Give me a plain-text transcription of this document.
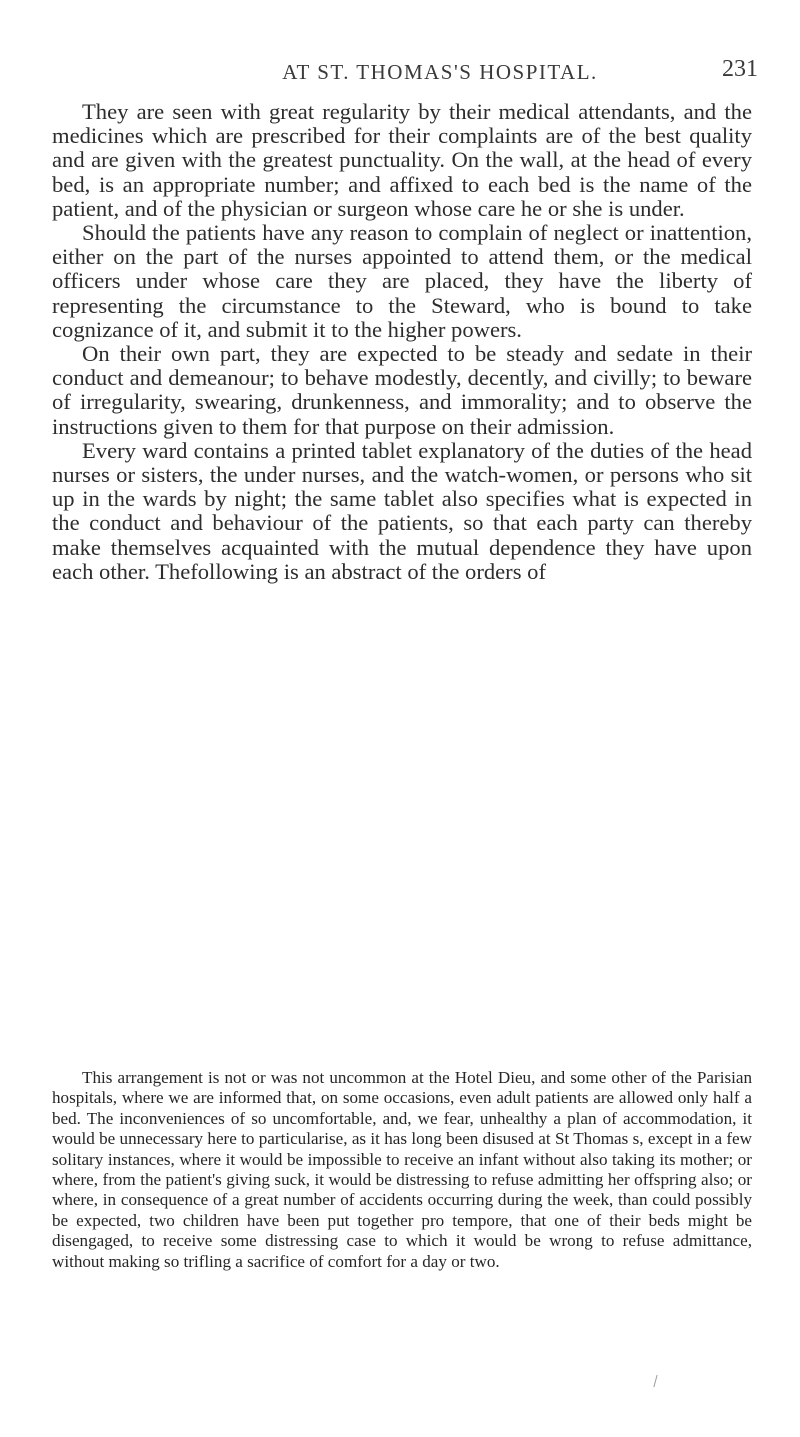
AT ST. THOMAS'S HOSPITAL.	231

They are seen with great regularity by their medical attendants, and the medicines which are prescribed for their complaints are of the best quality and are given with the greatest punctuality. On the wall, at the head of every bed, is an appropriate number; and affixed to each bed is the name of the patient, and of the physician or surgeon whose care he or she is under.

Should the patients have any reason to complain of neglect or inattention, either on the part of the nurses appointed to attend them, or the medical officers under whose care they are placed, they have the liberty of representing the circumstance to the Steward, who is bound to take cognizance of it, and submit it to the higher powers.

On their own part, they are expected to be steady and sedate in their conduct and demeanour; to behave modestly, decently, and civilly; to beware of irregularity, swearing, drunkenness, and immorality; and to observe the instructions given to them for that purpose on their admission.

Every ward contains a printed tablet explanatory of the duties of the head nurses or sisters, the under nurses, and the watch-women, or persons who sit up in the wards by night; the same tablet also specifies what is expected in the conduct and behaviour of the patients, so that each party can thereby make themselves acquainted with the mutual dependence they have upon each other. Thefollowing is an abstract of the orders of

This arrangement is not or was not uncommon at the Hotel Dieu, and some other of the Parisian hospitals, where we are informed that, on some occasions, even adult patients are allowed only half a bed. The inconveniences of so uncomfortable, and, we fear, unhealthy a plan of accommodation, it would be unnecessary here to particularise, as it has long been disused at St Thomas s, except in a few solitary instances, where it would be impossible to receive an infant without also taking its mother; or where, from the patient's giving suck, it would be distressing to refuse admitting her offspring also; or where, in consequence of a great number of accidents occurring during the week, than could possibly be expected, two children have been put together pro tempore, that one of their beds might be disengaged, to receive some distressing case to which it would be wrong to refuse admittance, without making so trifling a sacrifice of comfort for a day or two.
